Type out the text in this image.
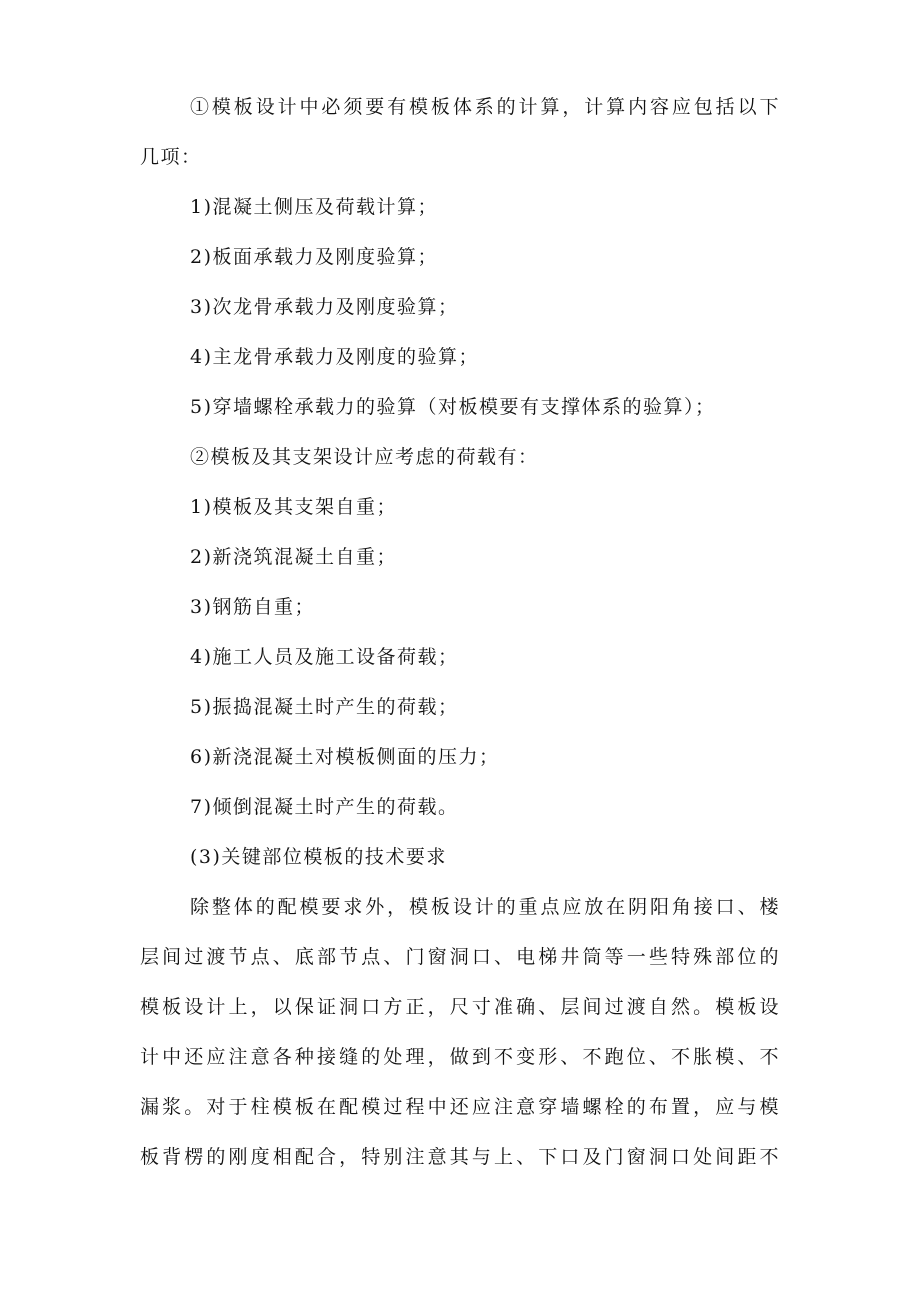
①模板设计中必须要有模板体系的计算，计算内容应包括以下
几项：
1)混凝土侧压及荷载计算；
2)板面承载力及刚度验算；
3)次龙骨承载力及刚度验算；
4)主龙骨承载力及刚度的验算；
5)穿墙螺栓承载力的验算（对板模要有支撑体系的验算）；
②模板及其支架设计应考虑的荷载有：
1)模板及其支架自重；
2)新浇筑混凝土自重；
3)钢筋自重；
4)施工人员及施工设备荷载；
5)振捣混凝土时产生的荷载；
6)新浇混凝土对模板侧面的压力；
7)倾倒混凝土时产生的荷载。
(3)关键部位模板的技术要求
除整体的配模要求外，模板设计的重点应放在阴阳角接口、楼
层间过渡节点、底部节点、门窗洞口、电梯井筒等一些特殊部位的
模板设计上，以保证洞口方正，尺寸准确、层间过渡自然。模板设
计中还应注意各种接缝的处理，做到不变形、不跑位、不胀模、不
漏浆。对于柱模板在配模过程中还应注意穿墙螺栓的布置，应与模
板背楞的刚度相配合，特别注意其与上、下口及门窗洞口处间距不
